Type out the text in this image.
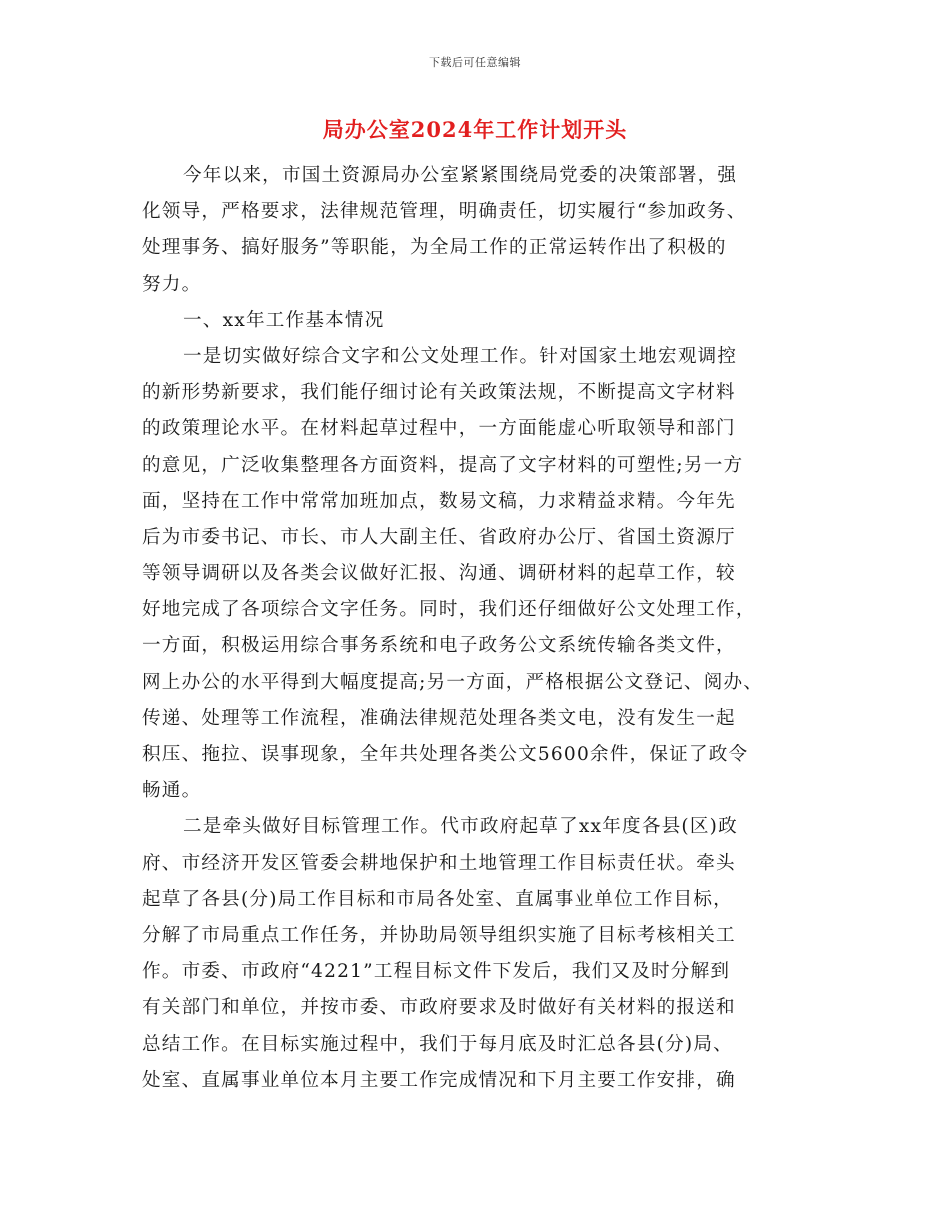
下载后可任意编辑
局办公室2024年工作计划开头
今年以来，市国土资源局办公室紧紧围绕局党委的决策部署，强
化领导，严格要求，法律规范管理，明确责任，切实履行“参加政务、
处理事务、搞好服务”等职能，为全局工作的正常运转作出了积极的
努力。
一、xx年工作基本情况
一是切实做好综合文字和公文处理工作。针对国家土地宏观调控
的新形势新要求，我们能仔细讨论有关政策法规，不断提高文字材料
的政策理论水平。在材料起草过程中，一方面能虚心听取领导和部门
的意见，广泛收集整理各方面资料，提高了文字材料的可塑性;另一方
面，坚持在工作中常常加班加点，数易文稿，力求精益求精。今年先
后为市委书记、市长、市人大副主任、省政府办公厅、省国土资源厅
等领导调研以及各类会议做好汇报、沟通、调研材料的起草工作，较
好地完成了各项综合文字任务。同时，我们还仔细做好公文处理工作，
一方面，积极运用综合事务系统和电子政务公文系统传输各类文件，
网上办公的水平得到大幅度提高;另一方面，严格根据公文登记、阅办、
传递、处理等工作流程，准确法律规范处理各类文电，没有发生一起
积压、拖拉、误事现象，全年共处理各类公文5600余件，保证了政令
畅通。
二是牵头做好目标管理工作。代市政府起草了xx年度各县(区)政
府、市经济开发区管委会耕地保护和土地管理工作目标责任状。牵头
起草了各县(分)局工作目标和市局各处室、直属事业单位工作目标，
分解了市局重点工作任务，并协助局领导组织实施了目标考核相关工
作。市委、市政府“4221”工程目标文件下发后，我们又及时分解到
有关部门和单位，并按市委、市政府要求及时做好有关材料的报送和
总结工作。在目标实施过程中，我们于每月底及时汇总各县(分)局、
处室、直属事业单位本月主要工作完成情况和下月主要工作安排，确
